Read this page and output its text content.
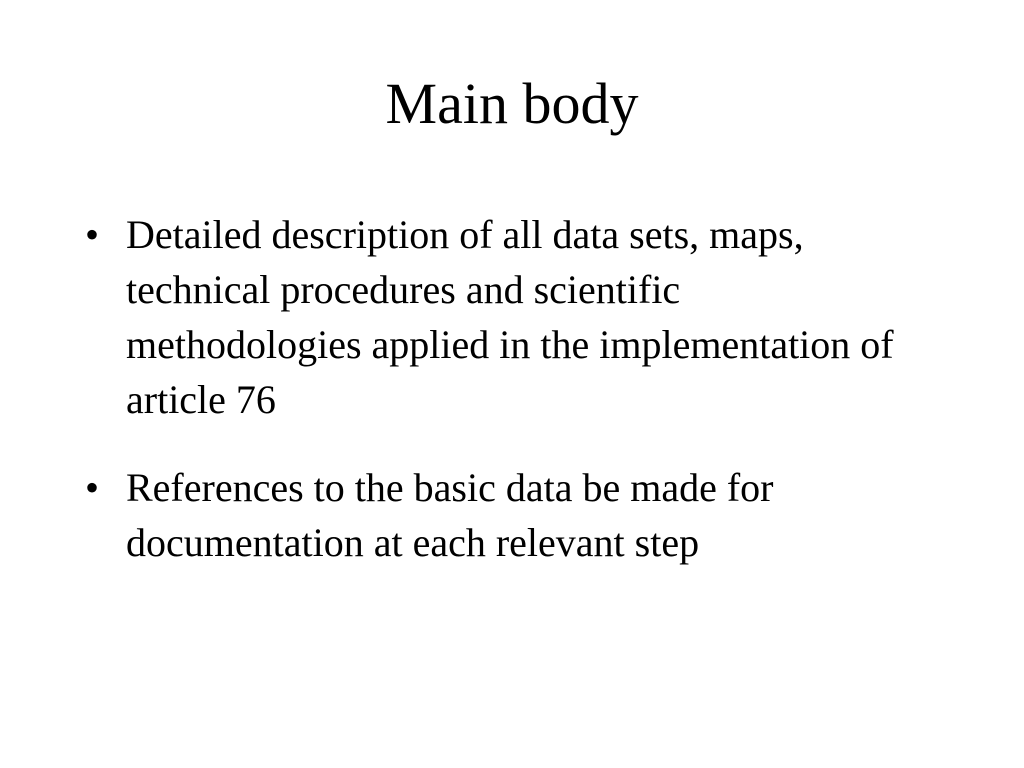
Main body
• Detailed description of all data sets, maps, technical procedures and scientific methodologies applied in the implementation of article 76
• References to the basic data be made for documentation at each relevant step
